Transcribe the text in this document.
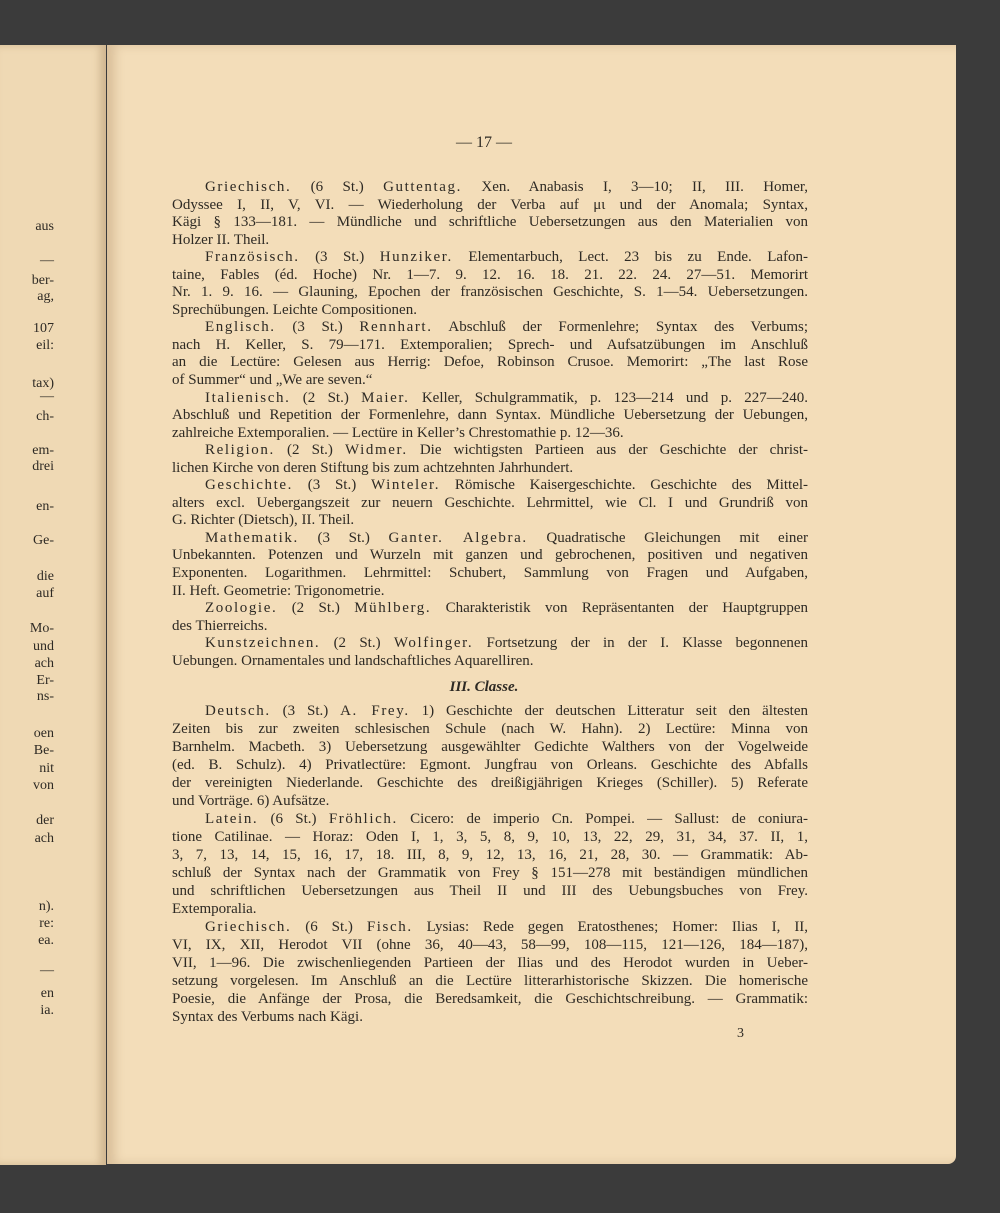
aus
—
ber-
ag,
107
eil:
tax)
—
ch-
em-
drei
en-
Ge-
die
auf
Mo-
und
ach
Er-
ns-
oen
Be-
nit
von
der
ach
n).
re:
ea.
—
en
ia.
— 17 —
Griechisch. (6 St.) Guttentag. Xen. Anabasis I, 3—10; II, III. Homer,
Odyssee I, II, V, VI. — Wiederholung der Verba auf μι und der Anomala; Syntax,
Kägi § 133—181. — Mündliche und schriftliche Uebersetzungen aus den Materialien von
Holzer II. Theil.
Französisch. (3 St.) Hunziker. Elementarbuch, Lect. 23 bis zu Ende. Lafon-
taine, Fables (éd. Hoche) Nr. 1—7. 9. 12. 16. 18. 21. 22. 24. 27—51. Memorirt
Nr. 1. 9. 16. — Glauning, Epochen der französischen Geschichte, S. 1—54. Uebersetzungen.
Sprechübungen. Leichte Compositionen.
Englisch. (3 St.) Rennhart. Abschluß der Formenlehre; Syntax des Verbums;
nach H. Keller, S. 79—171. Extemporalien; Sprech- und Aufsatzübungen im Anschluß
an die Lectüre: Gelesen aus Herrig: Defoe, Robinson Crusoe. Memorirt: „The last Rose
of Summer“ und „We are seven.“
Italienisch. (2 St.) Maier. Keller, Schulgrammatik, p. 123—214 und p. 227—240.
Abschluß und Repetition der Formenlehre, dann Syntax. Mündliche Uebersetzung der Uebungen,
zahlreiche Extemporalien. — Lectüre in Keller’s Chrestomathie p. 12—36.
Religion. (2 St.) Widmer. Die wichtigsten Partieen aus der Geschichte der christ-
lichen Kirche von deren Stiftung bis zum achtzehnten Jahrhundert.
Geschichte. (3 St.) Winteler. Römische Kaisergeschichte. Geschichte des Mittel-
alters excl. Uebergangszeit zur neuern Geschichte. Lehrmittel, wie Cl. I und Grundriß von
G. Richter (Dietsch), II. Theil.
Mathematik. (3 St.) Ganter. Algebra. Quadratische Gleichungen mit einer
Unbekannten. Potenzen und Wurzeln mit ganzen und gebrochenen, positiven und negativen
Exponenten. Logarithmen. Lehrmittel: Schubert, Sammlung von Fragen und Aufgaben,
II. Heft. Geometrie: Trigonometrie.
Zoologie. (2 St.) Mühlberg. Charakteristik von Repräsentanten der Hauptgruppen
des Thierreichs.
Kunstzeichnen. (2 St.) Wolfinger. Fortsetzung der in der I. Klasse begonnenen
Uebungen. Ornamentales und landschaftliches Aquarelliren.
III. Classe.
Deutsch. (3 St.) A. Frey. 1) Geschichte der deutschen Litteratur seit den ältesten
Zeiten bis zur zweiten schlesischen Schule (nach W. Hahn). 2) Lectüre: Minna von
Barnhelm. Macbeth. 3) Uebersetzung ausgewählter Gedichte Walthers von der Vogelweide
(ed. B. Schulz). 4) Privatlectüre: Egmont. Jungfrau von Orleans. Geschichte des Abfalls
der vereinigten Niederlande. Geschichte des dreißigjährigen Krieges (Schiller). 5) Referate
und Vorträge. 6) Aufsätze.
Latein. (6 St.) Fröhlich. Cicero: de imperio Cn. Pompei. — Sallust: de coniura-
tione Catilinae. — Horaz: Oden I, 1, 3, 5, 8, 9, 10, 13, 22, 29, 31, 34, 37. II, 1,
3, 7, 13, 14, 15, 16, 17, 18. III, 8, 9, 12, 13, 16, 21, 28, 30. — Grammatik: Ab-
schluß der Syntax nach der Grammatik von Frey § 151—278 mit beständigen mündlichen
und schriftlichen Uebersetzungen aus Theil II und III des Uebungsbuches von Frey.
Extemporalia.
Griechisch. (6 St.) Fisch. Lysias: Rede gegen Eratosthenes; Homer: Ilias I, II,
VI, IX, XII, Herodot VII (ohne 36, 40—43, 58—99, 108—115, 121—126, 184—187),
VII, 1—96. Die zwischenliegenden Partieen der Ilias und des Herodot wurden in Ueber-
setzung vorgelesen. Im Anschluß an die Lectüre litterarhistorische Skizzen. Die homerische
Poesie, die Anfänge der Prosa, die Beredsamkeit, die Geschichtschreibung. — Grammatik:
Syntax des Verbums nach Kägi.
3
